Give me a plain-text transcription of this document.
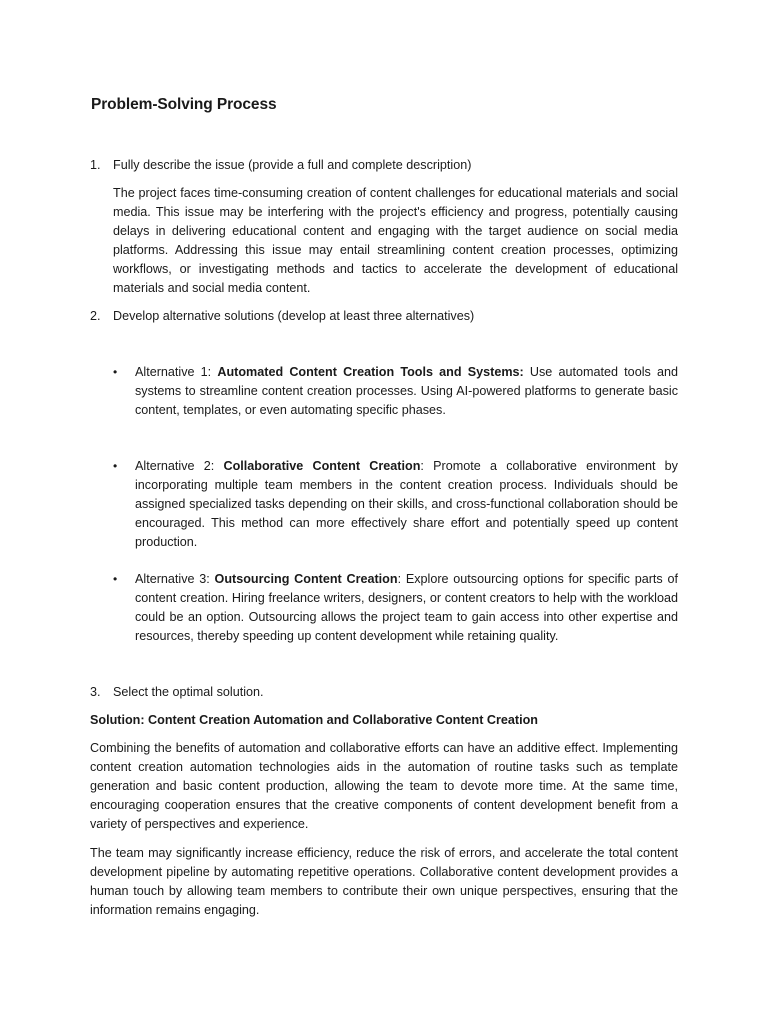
Problem-Solving Process
1. Fully describe the issue (provide a full and complete description)

The project faces time-consuming creation of content challenges for educational materials and social media. This issue may be interfering with the project's efficiency and progress, potentially causing delays in delivering educational content and engaging with the target audience on social media platforms. Addressing this issue may entail streamlining content creation processes, optimizing workflows, or investigating methods and tactics to accelerate the development of educational materials and social media content.

2. Develop alternative solutions (develop at least three alternatives)
•	Alternative 1: Automated Content Creation Tools and Systems: Use automated tools and systems to streamline content creation processes. Using AI-powered platforms to generate basic content, templates, or even automating specific phases.
•	Alternative 2: Collaborative Content Creation: Promote a collaborative environment by incorporating multiple team members in the content creation process. Individuals should be assigned specialized tasks depending on their skills, and cross-functional collaboration should be encouraged. This method can more effectively share effort and potentially speed up content production.
•	Alternative 3: Outsourcing Content Creation: Explore outsourcing options for specific parts of content creation. Hiring freelance writers, designers, or content creators to help with the workload could be an option. Outsourcing allows the project team to gain access into other expertise and resources, thereby speeding up content development while retaining quality.
3. Select the optimal solution.

Solution: Content Creation Automation and Collaborative Content Creation

Combining the benefits of automation and collaborative efforts can have an additive effect. Implementing content creation automation technologies aids in the automation of routine tasks such as template generation and basic content production, allowing the team to devote more time. At the same time, encouraging cooperation ensures that the creative components of content development benefit from a variety of perspectives and experience.

The team may significantly increase efficiency, reduce the risk of errors, and accelerate the total content development pipeline by automating repetitive operations. Collaborative content development provides a human touch by allowing team members to contribute their own unique perspectives, ensuring that the information remains engaging.
